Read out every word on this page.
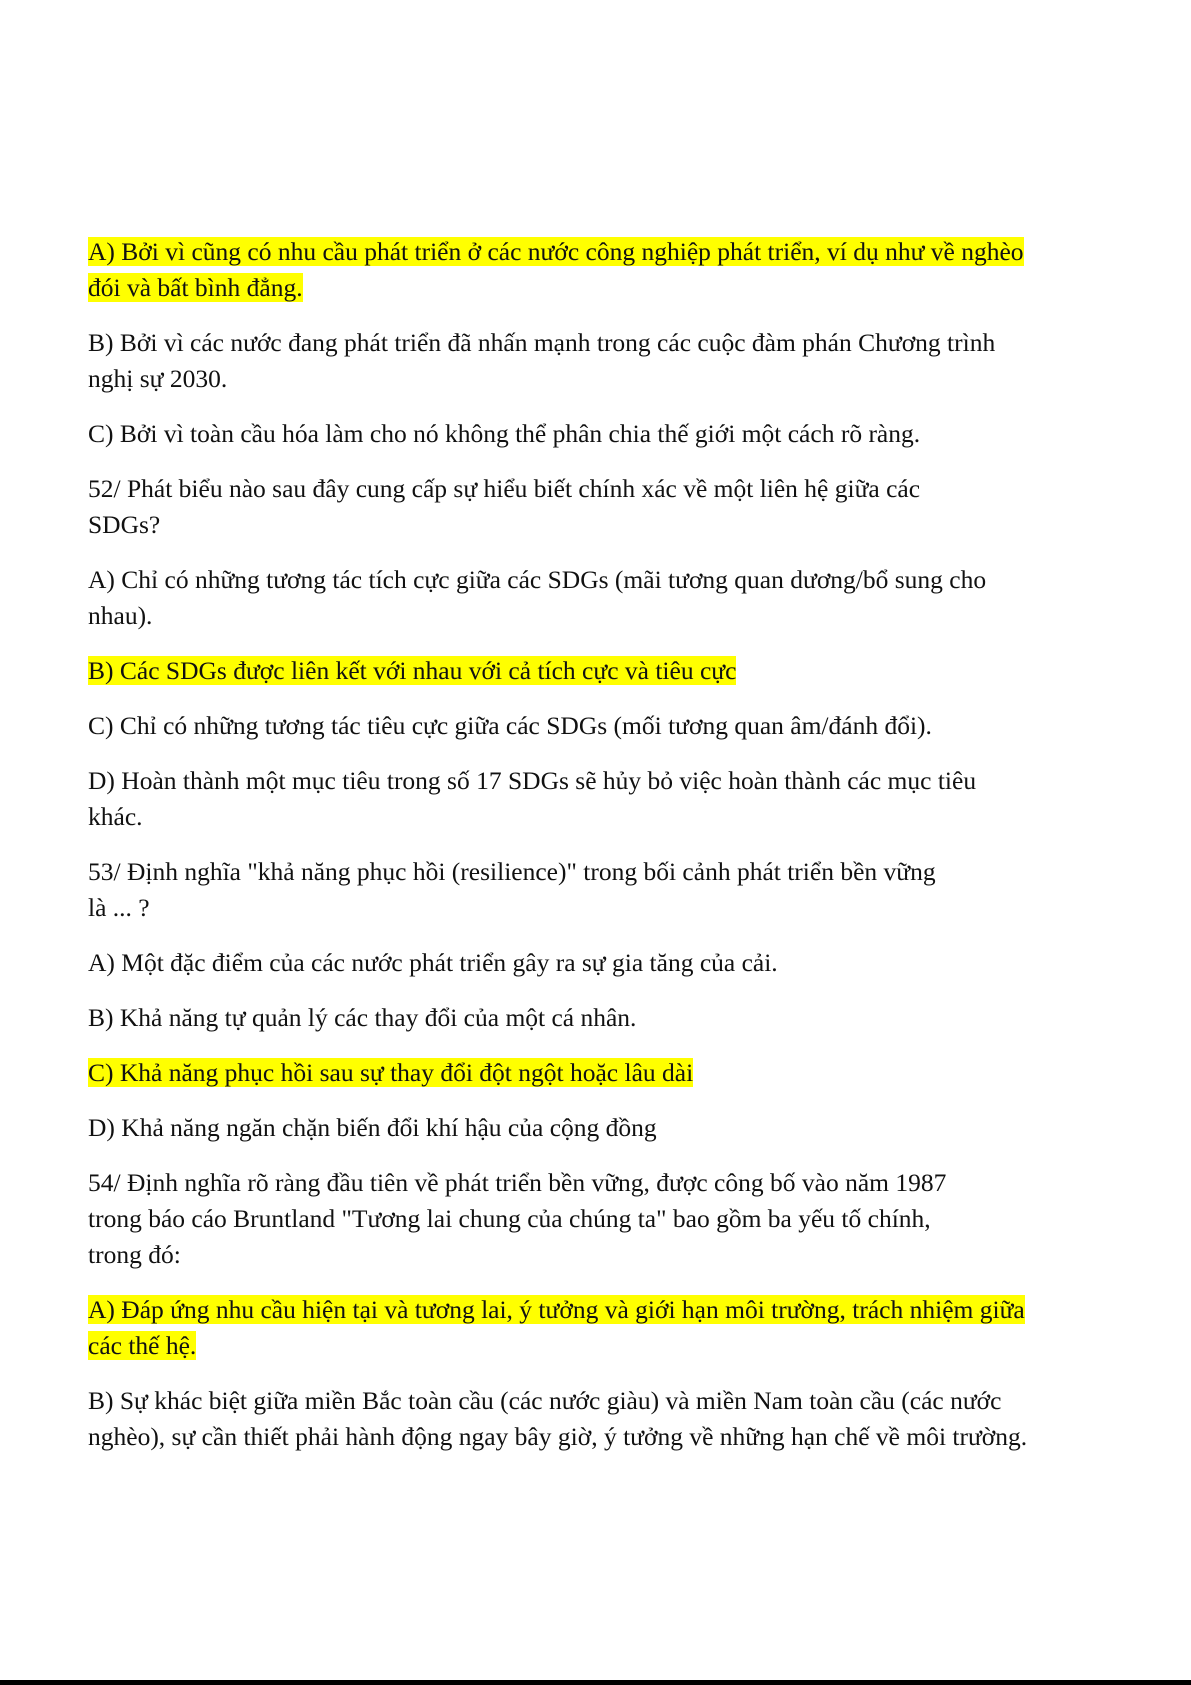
A) Bởi vì cũng có nhu cầu phát triển ở các nước công nghiệp phát triển, ví dụ như về nghèo
đói và bất bình đẳng.

B) Bởi vì các nước đang phát triển đã nhấn mạnh trong các cuộc đàm phán Chương trình
nghị sự 2030.

C) Bởi vì toàn cầu hóa làm cho nó không thể phân chia thế giới một cách rõ ràng.

52/ Phát biểu nào sau đây cung cấp sự hiểu biết chính xác về một liên hệ giữa các
SDGs?

A) Chỉ có những tương tác tích cực giữa các SDGs (mãi tương quan dương/bổ sung cho
nhau).

B) Các SDGs được liên kết với nhau với cả tích cực và tiêu cực

C) Chỉ có những tương tác tiêu cực giữa các SDGs (mối tương quan âm/đánh đổi).

D) Hoàn thành một mục tiêu trong số 17 SDGs sẽ hủy bỏ việc hoàn thành các mục tiêu
khác.

53/ Định nghĩa "khả năng phục hồi (resilience)" trong bối cảnh phát triển bền vững
là ... ?

A) Một đặc điểm của các nước phát triển gây ra sự gia tăng của cải.

B) Khả năng tự quản lý các thay đổi của một cá nhân.

C) Khả năng phục hồi sau sự thay đổi đột ngột hoặc lâu dài

D) Khả năng ngăn chặn biến đổi khí hậu của cộng đồng

54/ Định nghĩa rõ ràng đầu tiên về phát triển bền vững, được công bố vào năm 1987
trong báo cáo Bruntland "Tương lai chung của chúng ta" bao gồm ba yếu tố chính,
trong đó:

A) Đáp ứng nhu cầu hiện tại và tương lai, ý tưởng và giới hạn môi trường, trách nhiệm giữa
các thế hệ.

B) Sự khác biệt giữa miền Bắc toàn cầu (các nước giàu) và miền Nam toàn cầu (các nước
nghèo), sự cần thiết phải hành động ngay bây giờ, ý tưởng về những hạn chế về môi trường.
